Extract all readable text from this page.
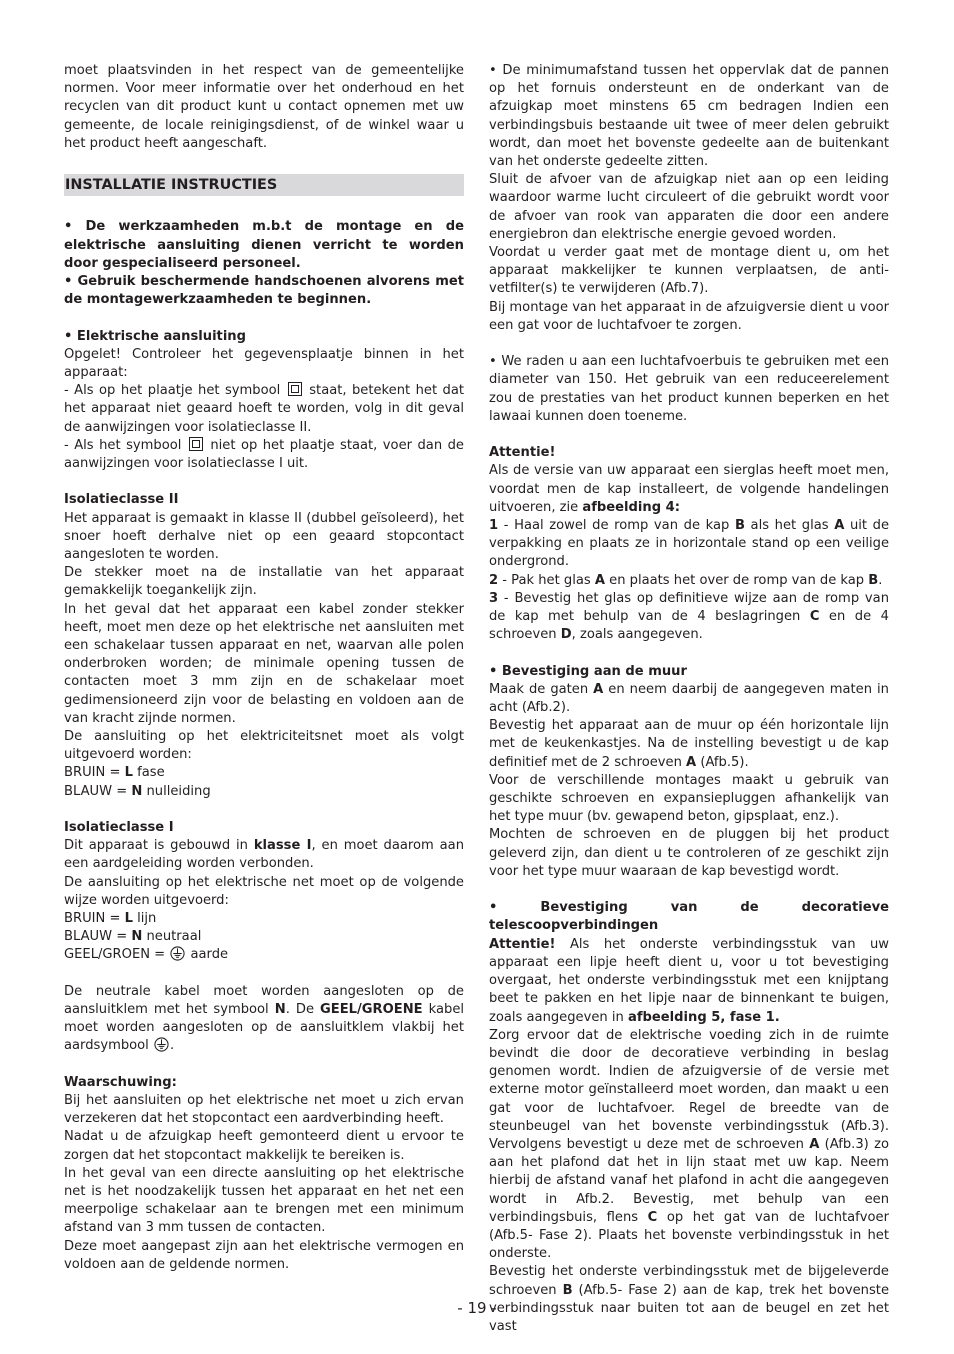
moet plaatsvinden in het respect van de gemeentelijke normen. Voor meer informatie over het onderhoud en het recyclen van dit product kunt u contact opnemen met uw gemeente, de locale reinigingsdienst, of de winkel waar u het product heeft aangeschaft.

INSTALLATIE INSTRUCTIES

• De werkzaamheden m.b.t de montage en de elektrische aansluiting dienen verricht te worden door gespecialiseerd personeel.

• Gebruik beschermende handschoenen alvorens met de montagewerkzaamheden te beginnen.

• Elektrische aansluiting

Opgelet! Controleer het gegevensplaatje binnen in het apparaat:

- Als op het plaatje het symbool staat, betekent het dat het apparaat niet geaard hoeft te worden, volg in dit geval de aanwijzingen voor isolatieclasse II.

- Als het symbool niet op het plaatje staat, voer dan de aanwijzingen voor isolatieclasse I uit.

Isolatieclasse II

Het apparaat is gemaakt in klasse II (dubbel geïsoleerd), het snoer hoeft derhalve niet op een geaard stopcontact aangesloten te worden.

De stekker moet na de installatie van het apparaat gemakkelijk toegankelijk zijn.

In het geval dat het apparaat een kabel zonder stekker heeft, moet men deze op het elektrische net aansluiten met een schakelaar tussen apparaat en net, waarvan alle polen onderbroken worden; de minimale opening tussen de contacten moet 3 mm zijn en de schakelaar moet gedimensioneerd zijn voor de belasting en voldoen aan de van kracht zijnde normen.

De aansluiting op het elektriciteitsnet moet als volgt uitgevoerd worden:

BRUIN = L fase

BLAUW = N nulleiding

Isolatieclasse I

Dit apparaat is gebouwd in klasse I, en moet daarom aan een aardgeleiding worden verbonden.

De aansluiting op het elektrische net moet op de volgende wijze worden uitgevoerd:

BRUIN = L lijn

BLAUW = N neutraal

GEEL/GROEN =  aarde

De neutrale kabel moet worden aangesloten op de aansluitklem met het symbool N. De GEEL/GROENE kabel moet worden aangesloten op de aansluitklem vlakbij het aardsymbool .

Waarschuwing:

Bij het aansluiten op het elektrische net moet u zich ervan verzekeren dat het stopcontact een aardverbinding heeft.

Nadat u de afzuigkap heeft gemonteerd dient u ervoor te zorgen dat het stopcontact makkelijk te bereiken is.

In het geval van een directe aansluiting op het elektrische net is het noodzakelijk tussen het apparaat en het net een meerpolige schakelaar aan te brengen met een minimum afstand van 3 mm tussen de contacten.

Deze moet aangepast zijn aan het elektrische vermogen en voldoen aan de geldende normen.

• De minimumafstand tussen het oppervlak dat de pannen op het fornuis ondersteunt en de onderkant van de afzuigkap moet minstens 65 cm bedragen Indien een verbindingsbuis bestaande uit twee of meer delen gebruikt wordt, dan moet het bovenste gedeelte aan de buitenkant van het onderste gedeelte zitten.

Sluit de afvoer van de afzuigkap niet aan op een leiding waardoor warme lucht circuleert of die gebruikt wordt voor de afvoer van rook van apparaten die door een andere energiebron dan elektrische energie gevoed worden.

Voordat u verder gaat met de montage dient u, om het apparaat makkelijker te kunnen verplaatsen, de anti-vetfilter(s) te verwijderen (Afb.7).

Bij montage van het apparaat in de afzuigversie dient u voor een gat voor de luchtafvoer te zorgen.

• We raden u aan een luchtafvoerbuis te gebruiken met een diameter van 150. Het gebruik van een reduceerelement zou de prestaties van het product kunnen beperken en het lawaai kunnen doen toeneme.

Attentie!

Als de versie van uw apparaat een sierglas heeft moet men, voordat men de kap installeert, de volgende handelingen uitvoeren, zie afbeelding 4:

1 - Haal zowel de romp van de kap B als het glas A uit de verpakking en plaats ze in horizontale stand op een veilige ondergrond.

2 - Pak het glas A en plaats het over de romp van de kap B.

3 - Bevestig het glas op definitieve wijze aan de romp van de kap met behulp van de 4 beslagringen C en de 4 schroeven D, zoals aangegeven.

• Bevestiging aan de muur

Maak de gaten A en neem daarbij de aangegeven maten in acht (Afb.2).

Bevestig het apparaat aan de muur op één horizontale lijn met de keukenkastjes. Na de instelling bevestigt u de kap definitief met de 2 schroeven A (Afb.5).

Voor de verschillende montages maakt u gebruik van geschikte schroeven en expansiepluggen afhankelijk van het type muur (bv. gewapend beton, gipsplaat, enz.).

Mochten de schroeven en de pluggen bij het product geleverd zijn, dan dient u te controleren of ze geschikt zijn voor het type muur waaraan de kap bevestigd wordt.

• Bevestiging van de decoratieve telescoopverbindingen

Attentie! Als het onderste verbindingsstuk van uw apparaat een lipje heeft dient u, voor u tot bevestiging overgaat, het onderste verbindingsstuk met een knijptang beet te pakken en het lipje naar de binnenkant te buigen, zoals aangegeven in afbeelding 5, fase 1.

Zorg ervoor dat de elektrische voeding zich in de ruimte bevindt die door de decoratieve verbinding in beslag genomen wordt. Indien de afzuigversie of de versie met externe motor geïnstalleerd moet worden, dan maakt u een gat voor de luchtafvoer. Regel de breedte van de steunbeugel van het bovenste verbindingsstuk (Afb.3). Vervolgens bevestigt u deze met de schroeven A (Afb.3) zo aan het plafond dat het in lijn staat met uw kap. Neem hierbij de afstand vanaf het plafond in acht die aangegeven wordt in Afb.2. Bevestig, met behulp van een verbindingsbuis, flens C op het gat van de luchtafvoer (Afb.5- Fase 2). Plaats het bovenste verbindingsstuk in het onderste.

Bevestig het onderste verbindingsstuk met de bijgeleverde schroeven B (Afb.5- Fase 2) aan de kap, trek het bovenste verbindingsstuk naar buiten tot aan de beugel en zet het vast

- 19 -
